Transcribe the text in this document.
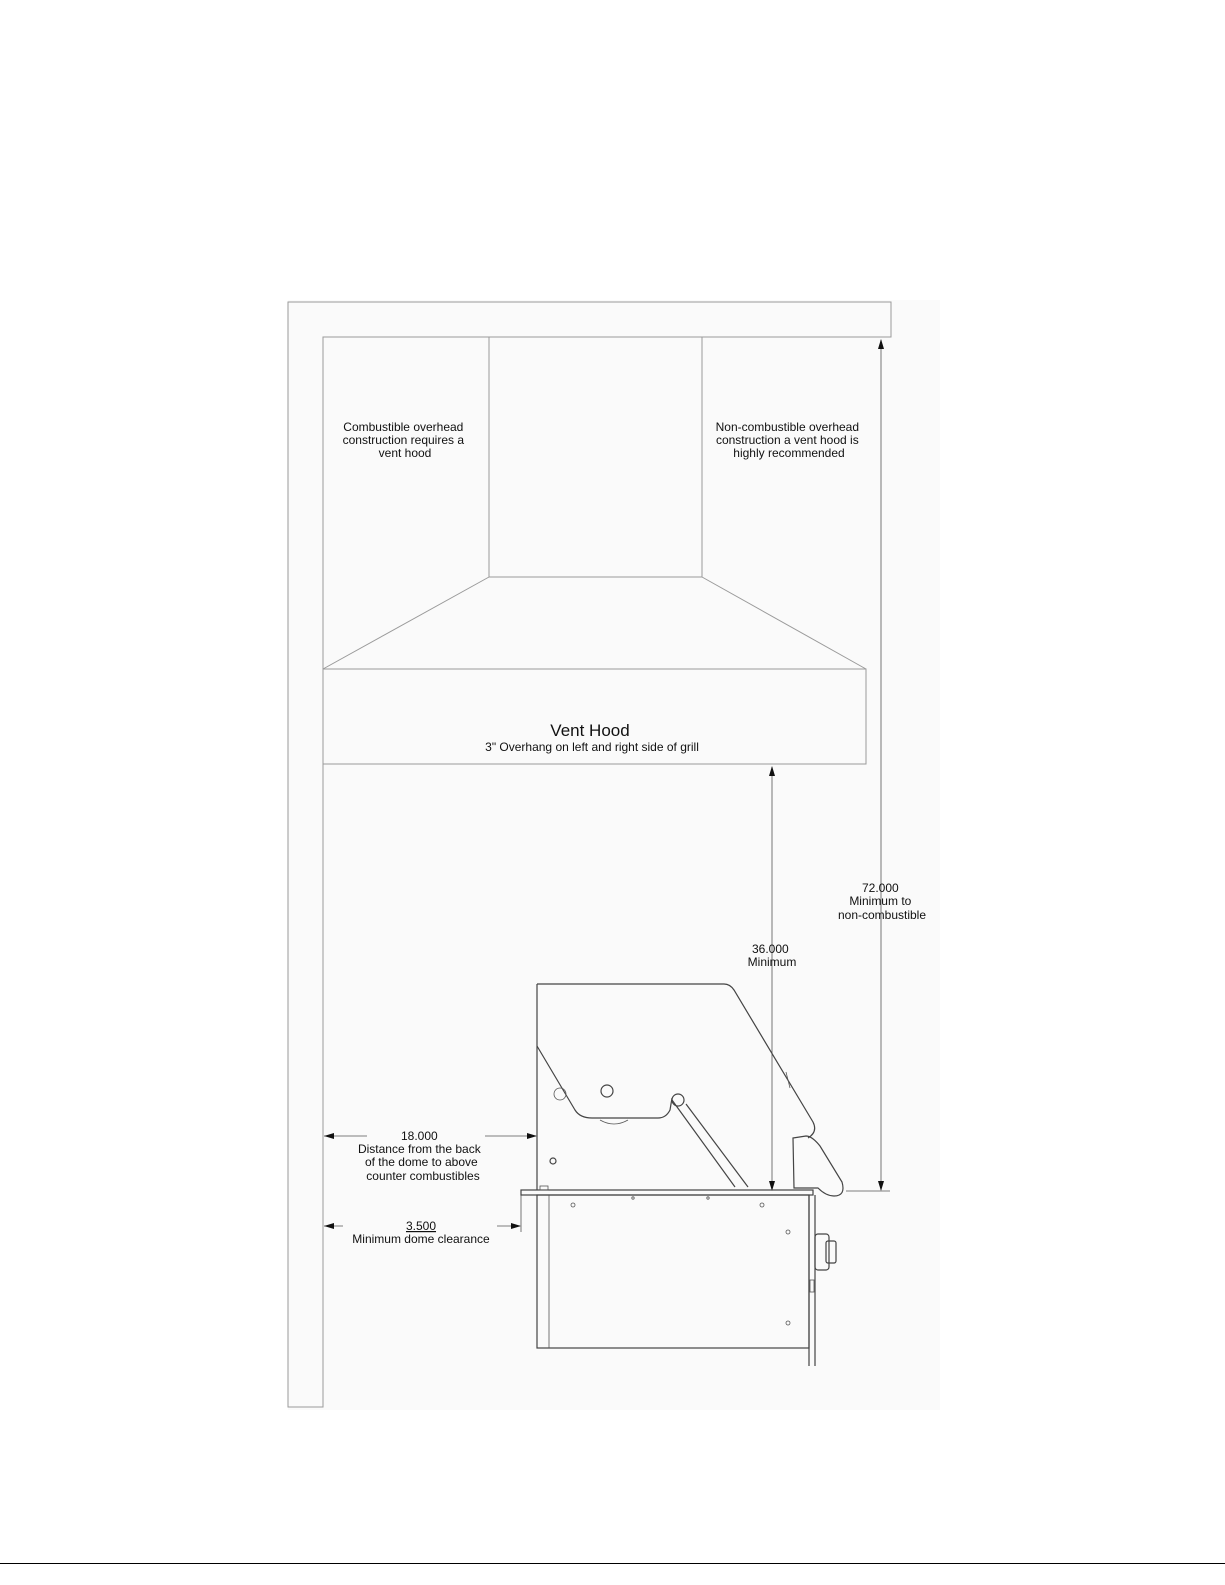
Combustible overhead construction requires a vent hood
Non-combustible overhead construction a vent hood is highly recommended
Vent Hood
3" Overhang on left and right side of grill
72.000 Minimum to non-combustible
36.000 Minimum
18.000 Distance from the back of the dome to above counter combustibles
3.500
Minimum dome clearance
